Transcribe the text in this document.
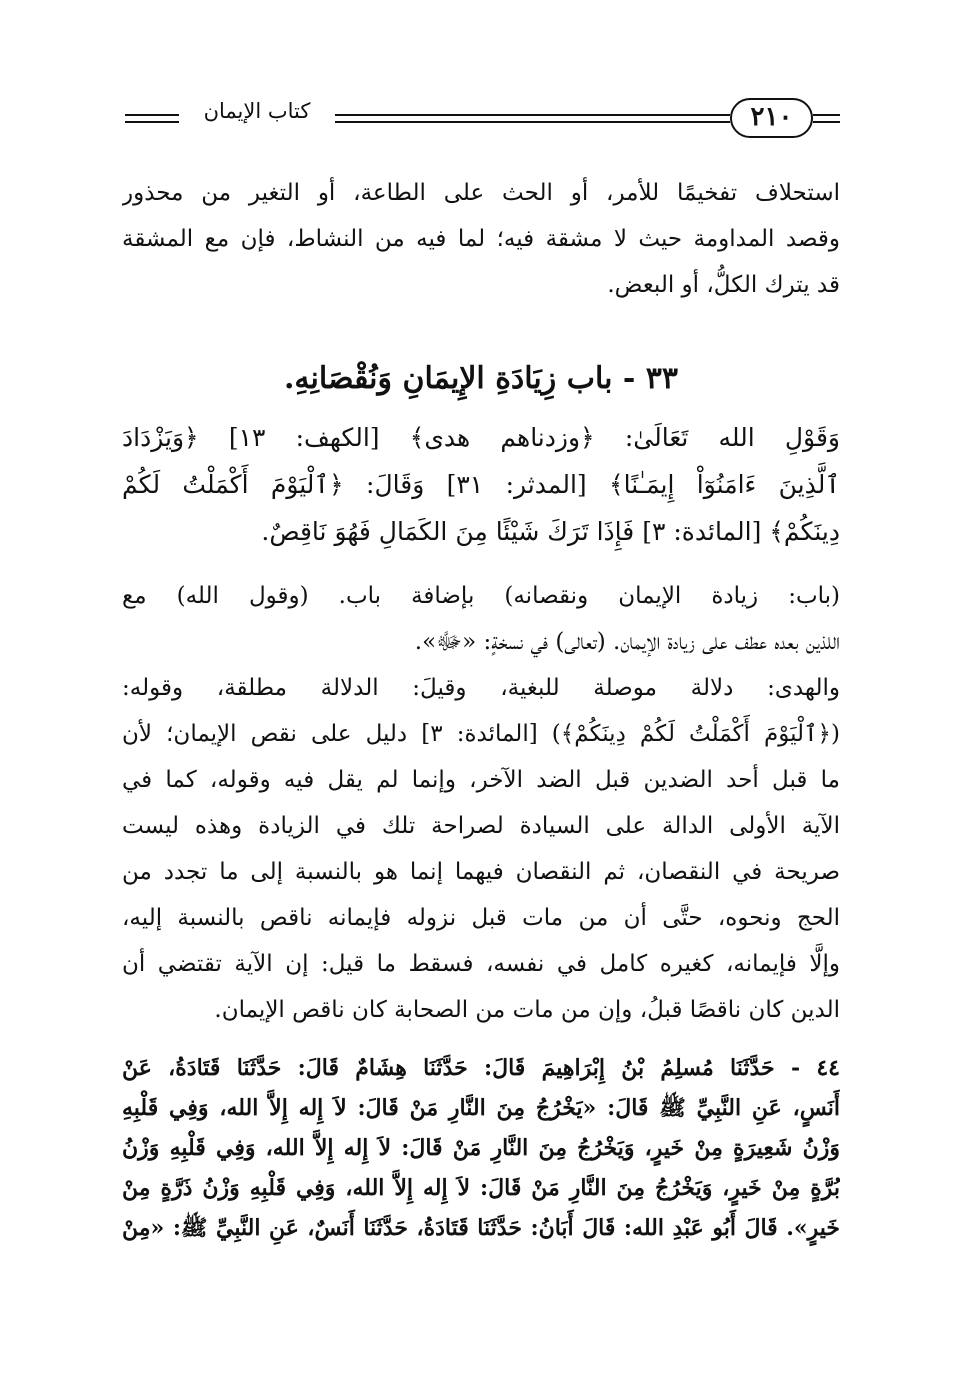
كتاب الإيمان	٢١٠
استحلاف تفخيمًا للأمر، أو الحث على الطاعة، أو التغير من محذور
وقصد المداومة حيث لا مشقة فيه؛ لما فيه من النشاط، فإن مع المشقة
قد يترك الكلُّ، أو البعض.
٣٣ - باب زِيَادَةِ الإِيمَانِ وَنُقْصَانِهِ.
وَقَوْلِ الله تَعَالَىٰ: ﴿وزدناهم هدى﴾ [الكهف: ١٣] ﴿وَيَزْدَادَ
ٱلَّذِينَ ءَامَنُوٓاْ إِيمَـٰنًا﴾ [المدثر: ٣١] وَقَالَ: ﴿ٱلْيَوْمَ أَكْمَلْتُ لَكُمْ
دِينَكُمْ﴾ [المائدة: ٣] فَإِذَا تَرَكَ شَيْئًا مِنَ الكَمَالِ فَهُوَ نَاقِصٌ.
(باب: زيادة الإيمان ونقصانه) بإضافة باب. (وقول الله) مع
اللذين بعده عطف على زيادة الإيمان. (تعالى) في نسخةٍ: «ﷻ».
والهدى: دلالة موصلة للبغية، وقيلَ: الدلالة مطلقة، وقوله:
(﴿ٱلْيَوْمَ أَكْمَلْتُ لَكُمْ دِينَكُمْ﴾) [المائدة: ٣] دليل على نقص الإيمان؛ لأن
ما قبل أحد الضدين قبل الضد الآخر، وإنما لم يقل فيه وقوله، كما في
الآية الأولى الدالة على السيادة لصراحة تلك في الزيادة وهذه ليست
صريحة في النقصان، ثم النقصان فيهما إنما هو بالنسبة إلى ما تجدد من
الحج ونحوه، حتَّى أن من مات قبل نزوله فإيمانه ناقص بالنسبة إليه،
وإلَّا فإيمانه، كغيره كامل في نفسه، فسقط ما قيل: إن الآية تقتضي أن
الدين كان ناقصًا قبلُ، وإن من مات من الصحابة كان ناقص الإيمان.
٤٤ - حَدَّثَنَا مُسلِمُ بْنُ إِبْرَاهِيمَ قَالَ: حَدَّثَنَا هِشَامٌ قَالَ: حَدَّثَنَا قَتَادَةُ، عَنْ
أَنَسٍ، عَنِ النَّبِيِّ ﷺ قَالَ: «يَخْرُجُ مِنَ النَّارِ مَنْ قَالَ: لاَ إِله إِلاَّ الله، وَفِي قَلْبِهِ
وَزْنُ شَعِيرَةٍ مِنْ خَيرٍ، وَيَخْرُجُ مِنَ النَّارِ مَنْ قَالَ: لاَ إِله إِلاَّ الله، وَفِي قَلْبِهِ وَزْنُ
بُرَّةٍ مِنْ خَيرٍ، وَيَخْرُجُ مِنَ النَّارِ مَنْ قَالَ: لاَ إِله إِلاَّ الله، وَفِي قَلْبِهِ وَزْنُ ذَرَّةٍ مِنْ
خَيرٍ». قَالَ أَبُو عَبْدِ الله: قَالَ أَبَانُ: حَدَّثَنَا قَتَادَةُ، حَدَّثَنَا أَنَسٌ، عَنِ النَّبِيِّ ﷺ: «مِنْ
